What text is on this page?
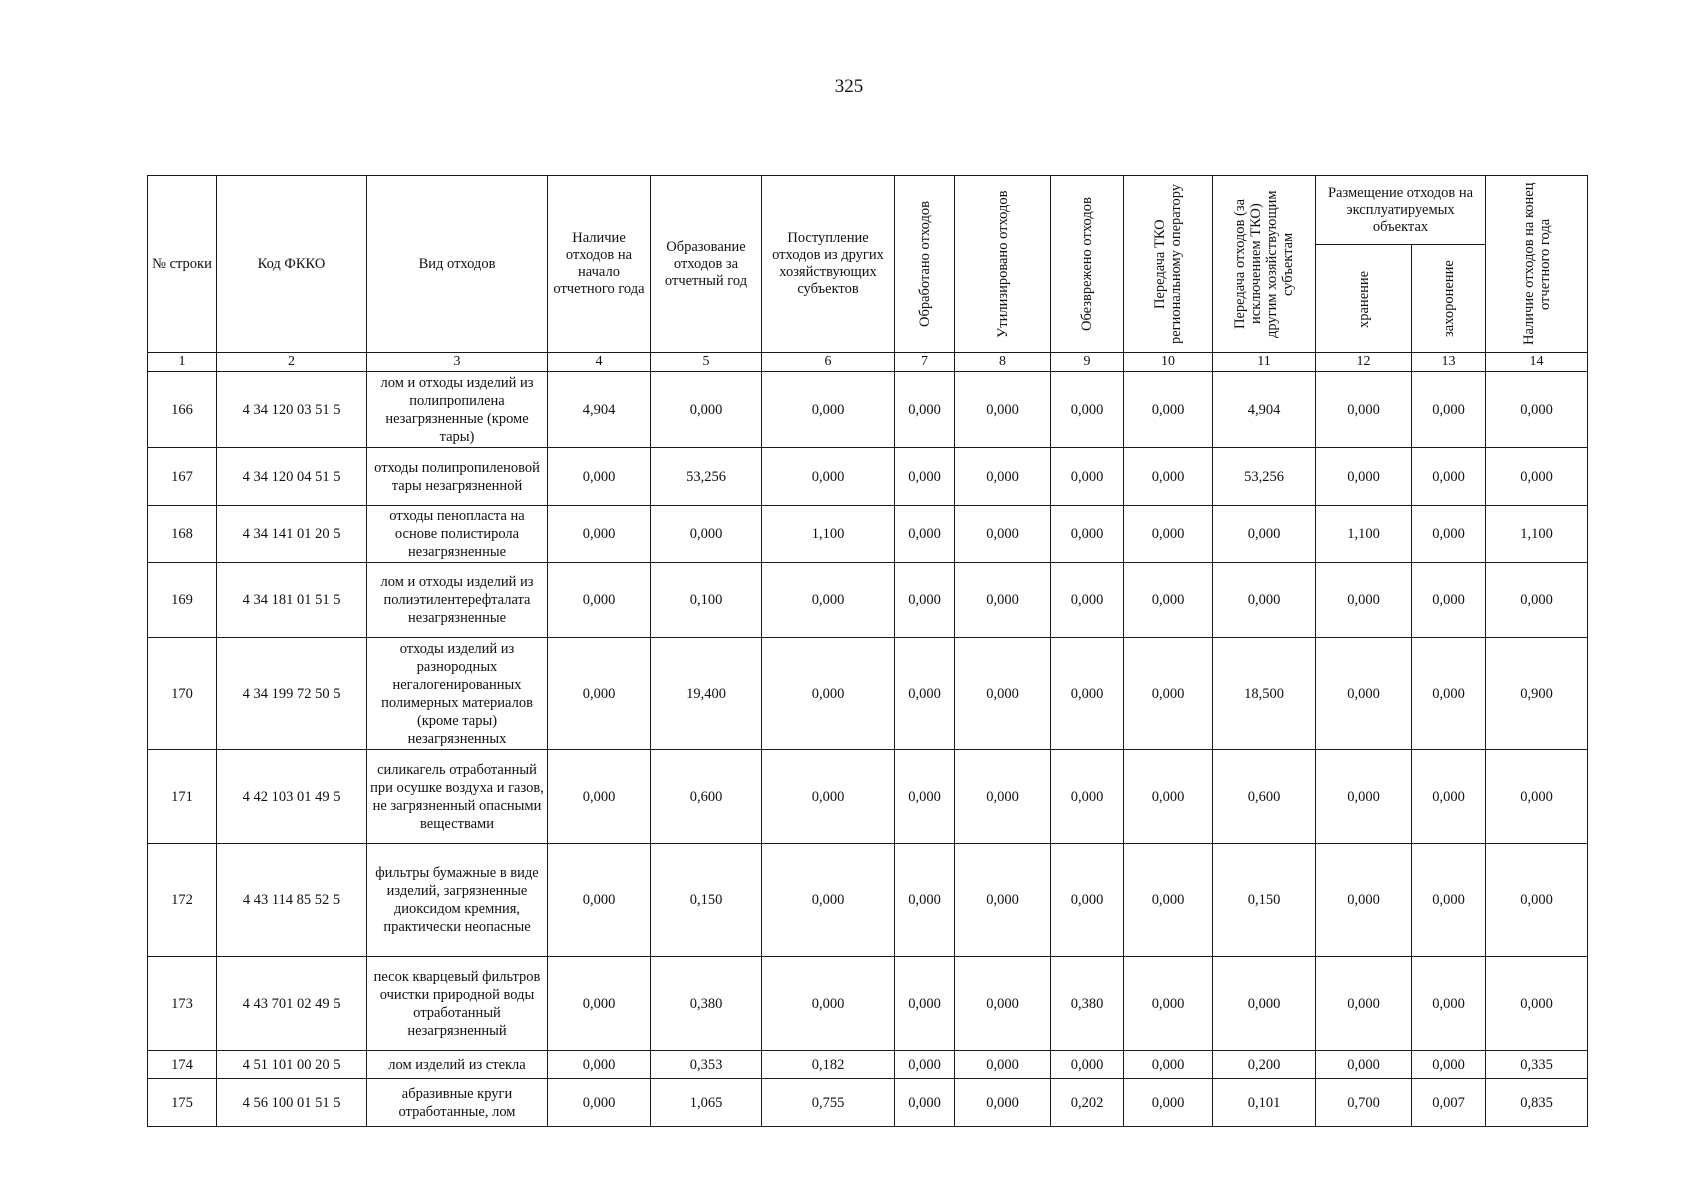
325
№ строки	Код ФККО	Вид отходов	Наличие отходов на начало отчетного года	Образование отходов за отчетный год	Поступление отходов из других хозяйствующих субъектов	Обработано отходов	Утилизировано отходов	Обезврежено отходов	Передача ТКО региональному оператору	Передача отходов (за исключением ТКО) другим хозяйствующим субъектам	Размещение отходов на эксплуатируемых объектах		Наличие отходов на конец отчетного года

											хранение	захоронение	

1	2	3	4	5	6	7	8	9	10	11	12	13	14
166	4 34 120 03 51 5	лом и отходы изделий из полипропилена незагрязненные (кроме тары)	4,904	0,000	0,000	0,000	0,000	0,000	0,000	4,904	0,000	0,000	0,000
167	4 34 120 04 51 5	отходы полипропиленовой тары незагрязненной	0,000	53,256	0,000	0,000	0,000	0,000	0,000	53,256	0,000	0,000	0,000
168	4 34 141 01 20 5	отходы пенопласта на основе полистирола незагрязненные	0,000	0,000	1,100	0,000	0,000	0,000	0,000	0,000	1,100	0,000	1,100
169	4 34 181 01 51 5	лом и отходы изделий из полиэтилентерефталата незагрязненные	0,000	0,100	0,000	0,000	0,000	0,000	0,000	0,000	0,000	0,000	0,000
170	4 34 199 72 50 5	отходы изделий из разнородных негалогенированных полимерных материалов (кроме тары) незагрязненных	0,000	19,400	0,000	0,000	0,000	0,000	0,000	18,500	0,000	0,000	0,900
171	4 42 103 01 49 5	силикагель отработанный при осушке воздуха и газов, не загрязненный опасными веществами	0,000	0,600	0,000	0,000	0,000	0,000	0,000	0,600	0,000	0,000	0,000
172	4 43 114 85 52 5	фильтры бумажные в виде изделий, загрязненные диоксидом кремния, практически неопасные	0,000	0,150	0,000	0,000	0,000	0,000	0,000	0,150	0,000	0,000	0,000
173	4 43 701 02 49 5	песок кварцевый фильтров очистки природной воды отработанный незагрязненный	0,000	0,380	0,000	0,000	0,000	0,380	0,000	0,000	0,000	0,000	0,000
174	4 51 101 00 20 5	лом изделий из стекла	0,000	0,353	0,182	0,000	0,000	0,000	0,000	0,200	0,000	0,000	0,335
175	4 56 100 01 51 5	абразивные круги отработанные, лом	0,000	1,065	0,755	0,000	0,000	0,202	0,000	0,101	0,700	0,007	0,835
